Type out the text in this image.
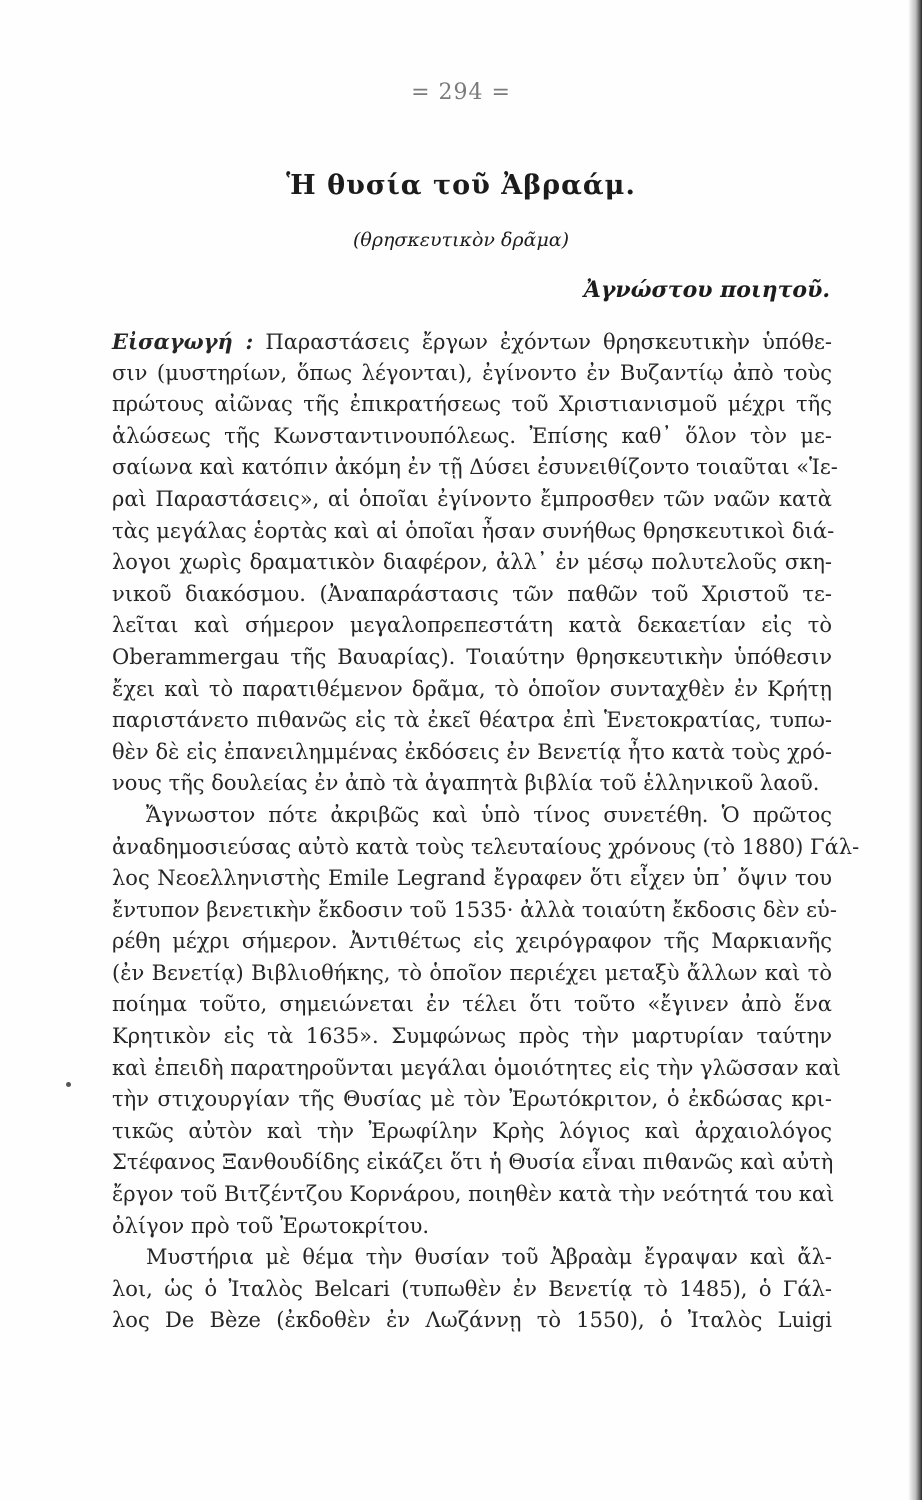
= 294 =
Ἡ θυσία τοῦ Ἀβραάμ.
(θρησκευτικὸν δρᾶμα)
Ἀγνώστου ποιητοῦ.
Εἰσαγωγή : Παραστάσεις ἔργων ἐχόντων θρησκευτικὴν ὑπόθε-
σιν (μυστηρίων, ὅπως λέγονται), ἐγίνοντο ἐν Βυζαντίῳ ἀπὸ τοὺς
πρώτους αἰῶνας τῆς ἐπικρατήσεως τοῦ Χριστιανισμοῦ μέχρι τῆς
ἁλώσεως τῆς Κωνσταντινουπόλεως. Ἐπίσης καθ᾽ ὅλον τὸν με-
σαίωνα καὶ κατόπιν ἀκόμη ἐν τῇ Δύσει ἐσυνειθίζοντο τοιαῦται «Ἱε-
ραὶ Παραστάσεις», αἱ ὁποῖαι ἐγίνοντο ἔμπροσθεν τῶν ναῶν κατὰ
τὰς μεγάλας ἑορτὰς καὶ αἱ ὁποῖαι ἦσαν συνήθως θρησκευτικοὶ διά-
λογοι χωρὶς δραματικὸν διαφέρον, ἀλλ᾽ ἐν μέσῳ πολυτελοῦς σκη-
νικοῦ διακόσμου. (Ἀναπαράστασις τῶν παθῶν τοῦ Χριστοῦ τε-
λεῖται καὶ σήμερον μεγαλοπρεπεστάτη κατὰ δεκαετίαν εἰς τὸ
Oberammergau τῆς Βαυαρίας). Τοιαύτην θρησκευτικὴν ὑπόθεσιν
ἔχει καὶ τὸ παρατιθέμενον δρᾶμα, τὸ ὁποῖον συνταχθὲν ἐν Κρήτῃ
παριστάνετο πιθανῶς εἰς τὰ ἐκεῖ θέατρα ἐπὶ Ἑνετοκρατίας, τυπω-
θὲν δὲ εἰς ἐπανειλημμένας ἐκδόσεις ἐν Βενετίᾳ ἦτο κατὰ τοὺς χρό-
νους τῆς δουλείας ἐν ἀπὸ τὰ ἀγαπητὰ βιβλία τοῦ ἑλληνικοῦ λαοῦ.
Ἄγνωστον πότε ἀκριβῶς καὶ ὑπὸ τίνος συνετέθη. Ὁ πρῶτος
ἀναδημοσιεύσας αὐτὸ κατὰ τοὺς τελευταίους χρόνους (τὸ 1880) Γάλ-
λος Νεοελληνιστὴς Emile Legrand ἔγραφεν ὅτι εἶχεν ὑπ᾽ ὄψιν του
ἔντυπον βενετικὴν ἔκδοσιν τοῦ 1535· ἀλλὰ τοιαύτη ἔκδοσις δὲν εὑ-
ρέθη μέχρι σήμερον. Ἀντιθέτως εἰς χειρόγραφον τῆς Μαρκιανῆς
(ἐν Βενετίᾳ) Βιβλιοθήκης, τὸ ὁποῖον περιέχει μεταξὺ ἄλλων καὶ τὸ
ποίημα τοῦτο, σημειώνεται ἐν τέλει ὅτι τοῦτο «ἔγινεν ἀπὸ ἕνα
Κρητικὸν εἰς τὰ 1635». Συμφώνως πρὸς τὴν μαρτυρίαν ταύτην
καὶ ἐπειδὴ παρατηροῦνται μεγάλαι ὁμοιότητες εἰς τὴν γλῶσσαν καὶ
τὴν στιχουργίαν τῆς Θυσίας μὲ τὸν Ἐρωτόκριτον, ὁ ἐκδώσας κρι-
τικῶς αὐτὸν καὶ τὴν Ἐρωφίλην Κρὴς λόγιος καὶ ἀρχαιολόγος
Στέφανος Ξανθουδίδης εἰκάζει ὅτι ἡ Θυσία εἶναι πιθανῶς καὶ αὐτὴ
ἔργον τοῦ Βιτζέντζου Κορνάρου, ποιηθὲν κατὰ τὴν νεότητά του καὶ
ὀλίγον πρὸ τοῦ Ἐρωτοκρίτου.
Μυστήρια μὲ θέμα τὴν θυσίαν τοῦ Ἀβραὰμ ἔγραψαν καὶ ἄλ-
λοι, ὡς ὁ Ἰταλὸς Belcari (τυπωθὲν ἐν Βενετίᾳ τὸ 1485), ὁ Γάλ-
λος De Bèze (ἐκδοθὲν ἐν Λωζάννῃ τὸ 1550), ὁ Ἰταλὸς Luigi
